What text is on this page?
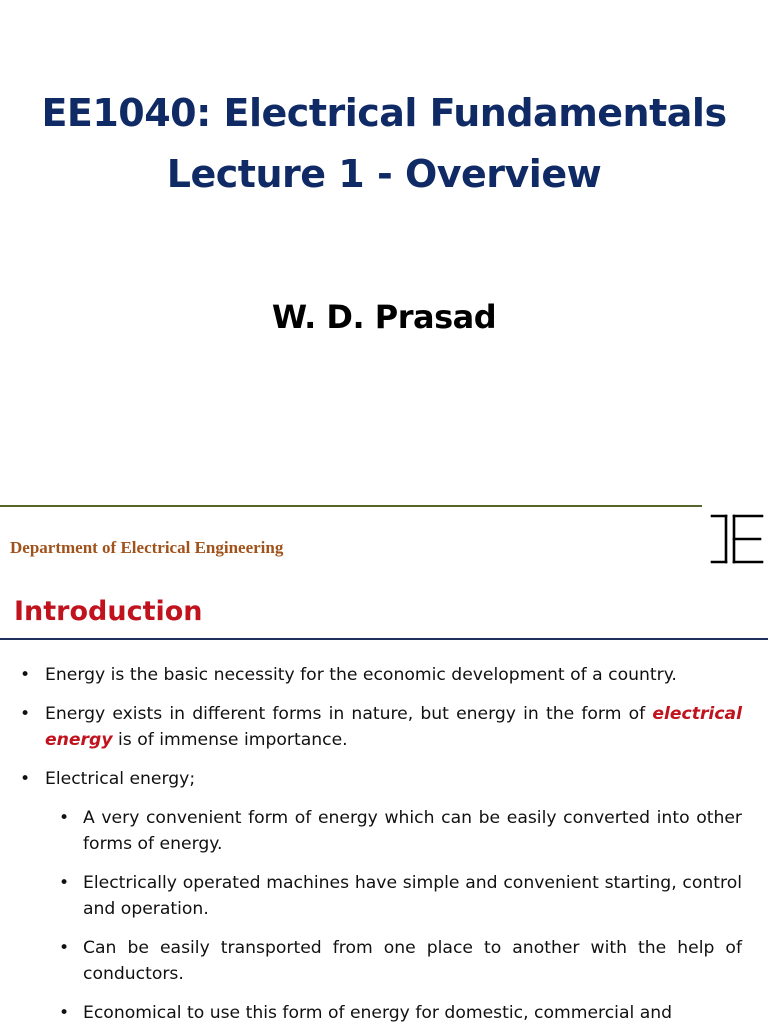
EE1040: Electrical Fundamentals
Lecture 1 - Overview
W. D. Prasad
Department of Electrical Engineering
Introduction
• Energy is the basic necessity for the economic development of a country.
• Energy exists in different forms in nature, but energy in the form of electrical energy is of immense importance.
• Electrical energy;
• A very convenient form of energy which can be easily converted into other forms of energy.
• Electrically operated machines have simple and convenient starting, control and operation.
• Can be easily transported from one place to another with the help of conductors.
• Economical to use this form of energy for domestic, commercial and
